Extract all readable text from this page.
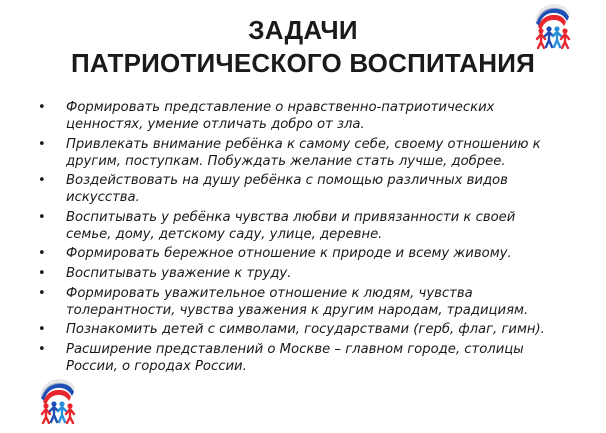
ЗАДАЧИ
ПАТРИОТИЧЕСКОГО ВОСПИТАНИЯ
• Формировать представление о нравственно-патриотических
ценностях, умение отличать добро от зла.
• Привлекать внимание ребёнка к самому себе, своему отношению к
другим, поступкам. Побуждать желание стать лучше, добрее.
• Воздействовать на душу ребёнка с помощью различных видов
искусства.
• Воспитывать у ребёнка чувства любви и привязанности к своей
семье, дому, детскому саду, улице, деревне.
• Формировать бережное отношение к природе и всему живому.
• Воспитывать уважение к труду.
• Формировать уважительное отношение к людям, чувства
толерантности, чувства уважения к другим народам, традициям.
• Познакомить детей с символами, государствами (герб, флаг, гимн).
• Расширение представлений о Москве – главном городе, столицы
России, о городах России.
